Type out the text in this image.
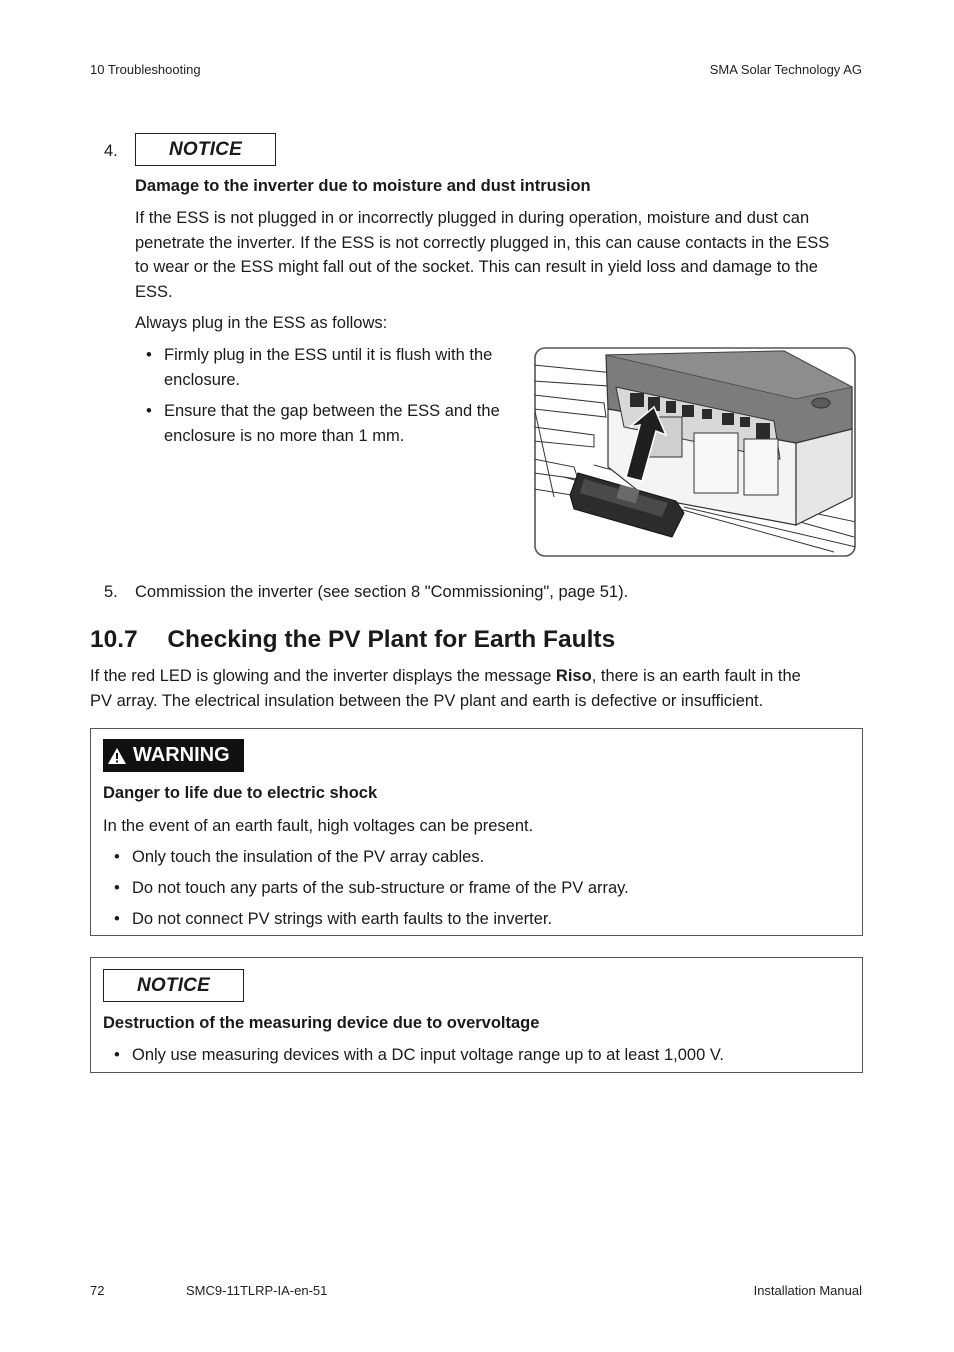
10 Troubleshooting	SMA Solar Technology AG
4.	NOTICE
Damage to the inverter due to moisture and dust intrusion
If the ESS is not plugged in or incorrectly plugged in during operation, moisture and dust can
penetrate the inverter. If the ESS is not correctly plugged in, this can cause contacts in the ESS
to wear or the ESS might fall out of the socket. This can result in yield loss and damage to the
ESS.
Always plug in the ESS as follows:
• Firmly plug in the ESS until it is flush with the
enclosure.
• Ensure that the gap between the ESS and the
enclosure is no more than 1 mm.
5. Commission the inverter (see section 8 "Commissioning", page 51).
10.7 Checking the PV Plant for Earth Faults
If the red LED is glowing and the inverter displays the message Riso, there is an earth fault in the
PV array. The electrical insulation between the PV plant and earth is defective or insufficient.
WARNING
Danger to life due to electric shock
In the event of an earth fault, high voltages can be present.
• Only touch the insulation of the PV array cables.
• Do not touch any parts of the sub-structure or frame of the PV array.
• Do not connect PV strings with earth faults to the inverter.
NOTICE
Destruction of the measuring device due to overvoltage
• Only use measuring devices with a DC input voltage range up to at least 1,000 V.
72	SMC9-11TLRP-IA-en-51	Installation Manual
